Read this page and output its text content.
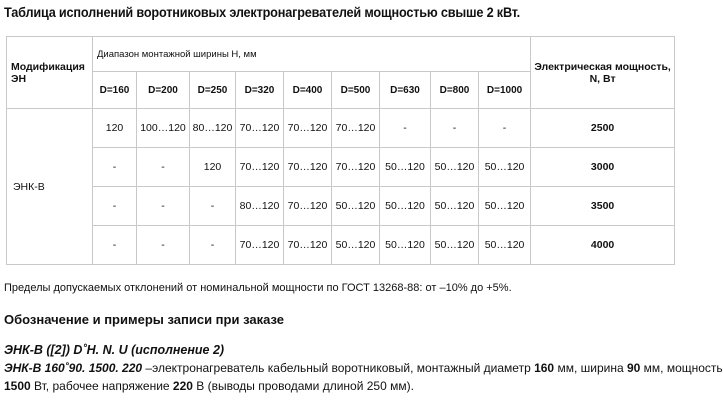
Таблица исполнений воротниковых электронагревателей мощностью свыше 2 кВт.
Модификация ЭН	Диапазон монтажной ширины Н, мм									Электрическая мощность, N, Вт
	D=160	D=200	D=250	D=320	D=400	D=500	D=630	D=800	D=1000	
ЭНК-В	120	100…120	80…120	70…120	70…120	70…120	-	-	-	2500
	-	-	120	70…120	70…120	70…120	50…120	50…120	50…120	3000
	-	-	-	80…120	70…120	50…120	50…120	50…120	50…120	3500
	-	-	-	70…120	70…120	50…120	50…120	50…120	50…120	4000
Пределы допускаемых отклонений от номинальной мощности по ГОСТ 13268-88: от –10% до +5%.
Обозначение и примеры записи при заказе
ЭНК-В ([2]) D˚H. N. U (исполнение 2)
ЭНК-В 160˚90. 1500. 220 –электронагреватель кабельный воротниковый, монтажный диаметр 160 мм, ширина 90 мм, мощность
1500 Вт, рабочее напряжение 220 В (выводы проводами длиной 250 мм).
